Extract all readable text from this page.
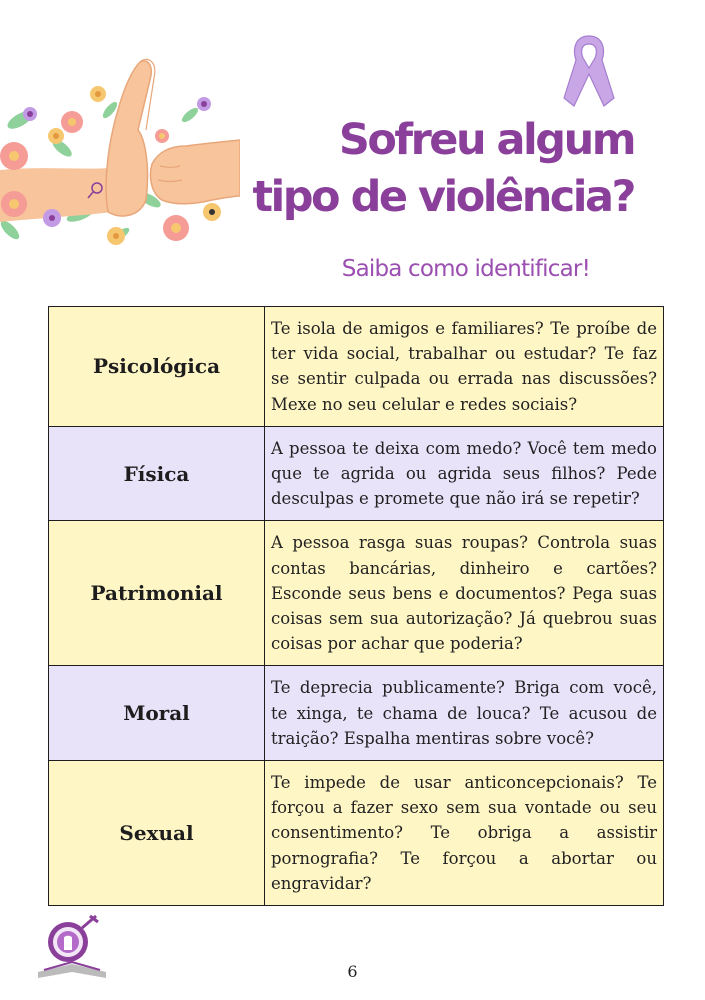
Sofreu algum
tipo de violência?
Saiba como identificar!
Psicológica	Te isola de amigos e familiares? Te proíbe de ter vida social, trabalhar ou estudar? Te faz se sentir culpada ou errada nas discussões? Mexe no seu celular e redes sociais?
Física	A pessoa te deixa com medo? Você tem medo que te agrida ou agrida seus filhos? Pede desculpas e promete que não irá se repetir?
Patrimonial	A pessoa rasga suas roupas? Controla suas contas bancárias, dinheiro e cartões? Esconde seus bens e documentos? Pega suas coisas sem sua autorização? Já quebrou suas coisas por achar que poderia?
Moral	Te deprecia publicamente? Briga com você, te xinga, te chama de louca? Te acusou de traição? Espalha mentiras sobre você?
Sexual	Te impede de usar anticoncepcionais? Te forçou a fazer sexo sem sua vontade ou seu consentimento? Te obriga a assistir pornografia? Te forçou a abortar ou engravidar?
6
